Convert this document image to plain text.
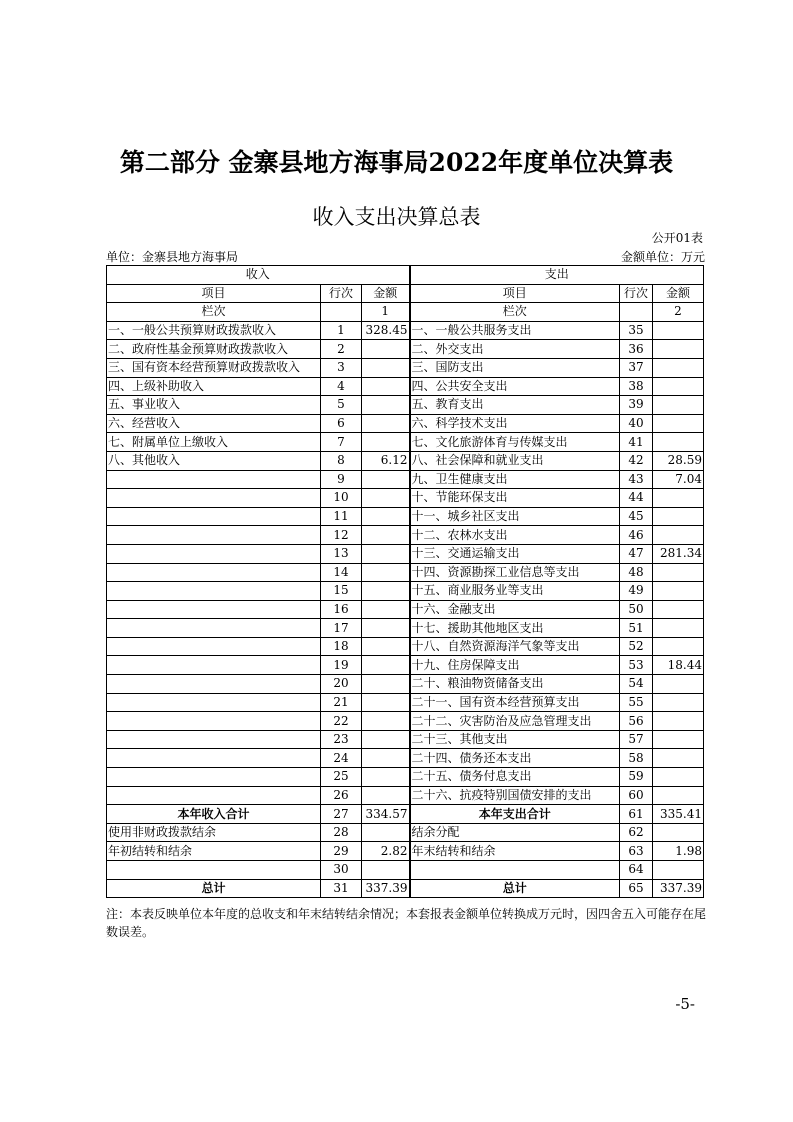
第二部分 金寨县地方海事局2022年度单位决算表
收入支出决算总表
公开01表
单位：金寨县地方海事局	金额单位：万元
收入			支出		
项目	行次	金额	项目	行次	金额
栏次		1	栏次		2
一、一般公共预算财政拨款收入	1	328.45	一、一般公共服务支出	35	
二、政府性基金预算财政拨款收入	2		二、外交支出	36	
三、国有资本经营预算财政拨款收入	3		三、国防支出	37	
四、上级补助收入	4		四、公共安全支出	38	
五、事业收入	5		五、教育支出	39	
六、经营收入	6		六、科学技术支出	40	
七、附属单位上缴收入	7		七、文化旅游体育与传媒支出	41	
八、其他收入	8	6.12	八、社会保障和就业支出	42	28.59
	9		九、卫生健康支出	43	7.04
	10		十、节能环保支出	44	
	11		十一、城乡社区支出	45	
	12		十二、农林水支出	46	
	13		十三、交通运输支出	47	281.34
	14		十四、资源勘探工业信息等支出	48	
	15		十五、商业服务业等支出	49	
	16		十六、金融支出	50	
	17		十七、援助其他地区支出	51	
	18		十八、自然资源海洋气象等支出	52	
	19		十九、住房保障支出	53	18.44
	20		二十、粮油物资储备支出	54	
	21		二十一、国有资本经营预算支出	55	
	22		二十二、灾害防治及应急管理支出	56	
	23		二十三、其他支出	57	
	24		二十四、债务还本支出	58	
	25		二十五、债务付息支出	59	
	26		二十六、抗疫特别国债安排的支出	60	
本年收入合计	27	334.57	本年支出合计	61	335.41
使用非财政拨款结余	28		结余分配	62	
年初结转和结余	29	2.82	年末结转和结余	63	1.98
	30			64	
总计	31	337.39	总计	65	337.39
注：本表反映单位本年度的总收支和年末结转结余情况；本套报表金额单位转换成万元时，因四舍五入可能存在尾数误差。
-5-
